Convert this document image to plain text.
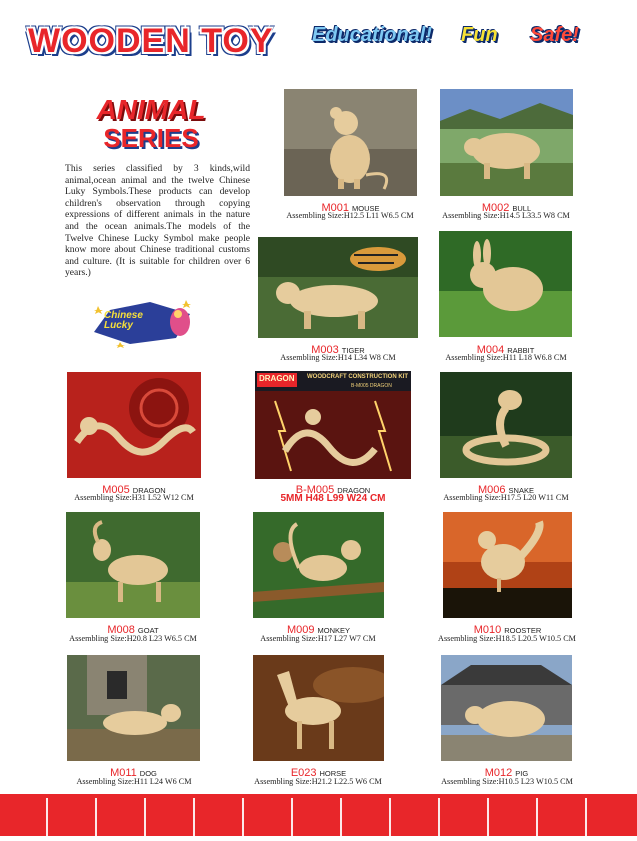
WOODEN TOY Educational! Fun Safe!
ANIMAL
SERIES
This series classified by 3 kinds,wild animal,ocean animal and the twelve Chinese Luky Symbols.These products can develop children's observation through copying expressions of different animals in the nature and the ocean animals.The models of the Twelve Chinese Lucky Symbol make people know more about Chinese traditional customs and culture. (It is suitable for children over 6 years.)
Chinese Lucky
M001 MOUSE
Assembling Size:H12.5 L11 W6.5 CM
M002 BULL
Assembling Size:H14.5 L33.5 W8 CM
M003 TIGER
Assembling Size:H14 L34 W8 CM
M004 RABBIT
Assembling Size:H11 L18 W6.8 CM
M005 DRAGON
Assembling Size:H31 L52 W12 CM
DRAGON WOODCRAFT CONSTRUCTION KIT
B-M005 DRAGON
B-M005 DRAGON
5MM H48 L99 W24 CM
M006 SNAKE
Assembling Size:H17.5 L20 W11 CM
M008 GOAT
Assembling Size:H20.8 L23 W6.5 CM
M009 MONKEY
Assembling Size:H17 L27 W7 CM
M010 ROOSTER
Assembling Size:H18.5 L20.5 W10.5 CM
M011 DOG
Assembling Size:H11 L24 W6 CM
E023 HORSE
Assembling Size:H21.2 L22.5 W6 CM
M012 PIG
Assembling Size:H10.5 L23 W10.5 CM
